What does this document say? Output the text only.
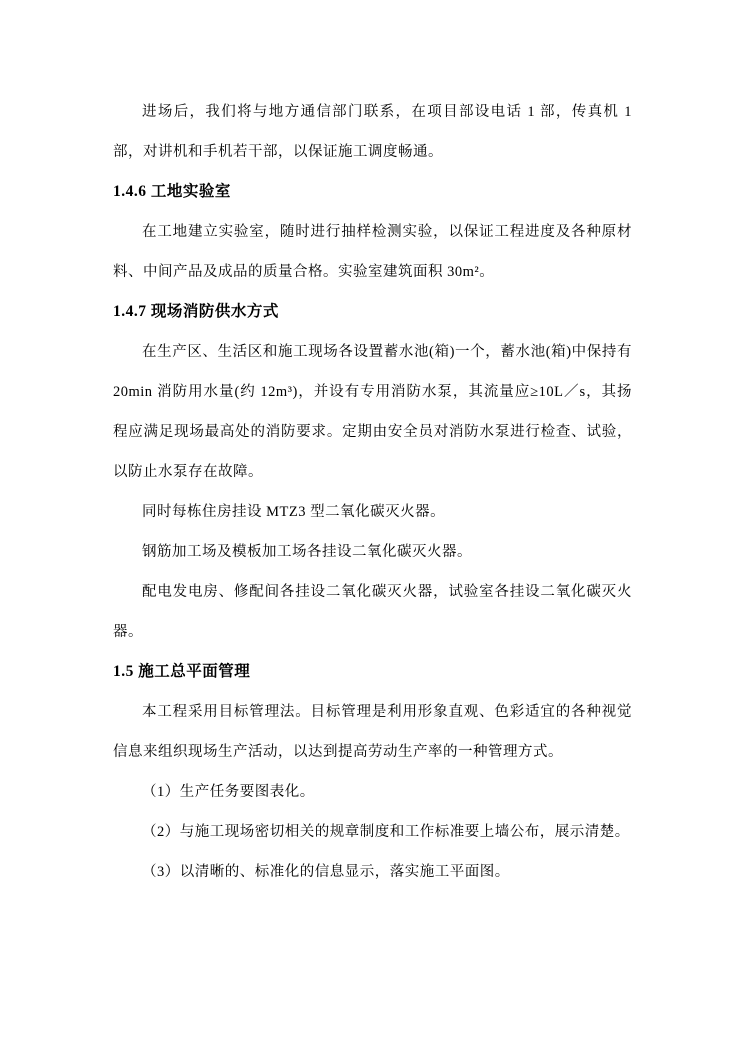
进场后，我们将与地方通信部门联系，在项目部设电话 1 部，传真机 1 部，对讲机和手机若干部，以保证施工调度畅通。

1.4.6 工地实验室

在工地建立实验室，随时进行抽样检测实验，以保证工程进度及各种原材料、中间产品及成品的质量合格。实验室建筑面积 30m²。

1.4.7 现场消防供水方式

在生产区、生活区和施工现场各设置蓄水池(箱)一个，蓄水池(箱)中保持有 20min 消防用水量(约 12m³)，并设有专用消防水泵，其流量应≥10L／s，其扬程应满足现场最高处的消防要求。定期由安全员对消防水泵进行检查、试验，以防止水泵存在故障。

同时每栋住房挂设 MTZ3 型二氧化碳灭火器。

钢筋加工场及模板加工场各挂设二氧化碳灭火器。

配电发电房、修配间各挂设二氧化碳灭火器，试验室各挂设二氧化碳灭火器。

1.5 施工总平面管理

本工程采用目标管理法。目标管理是利用形象直观、色彩适宜的各种视觉信息来组织现场生产活动，以达到提高劳动生产率的一种管理方式。

（1）生产任务要图表化。

（2）与施工现场密切相关的规章制度和工作标准要上墙公布，展示清楚。

（3）以清晰的、标准化的信息显示，落实施工平面图。
